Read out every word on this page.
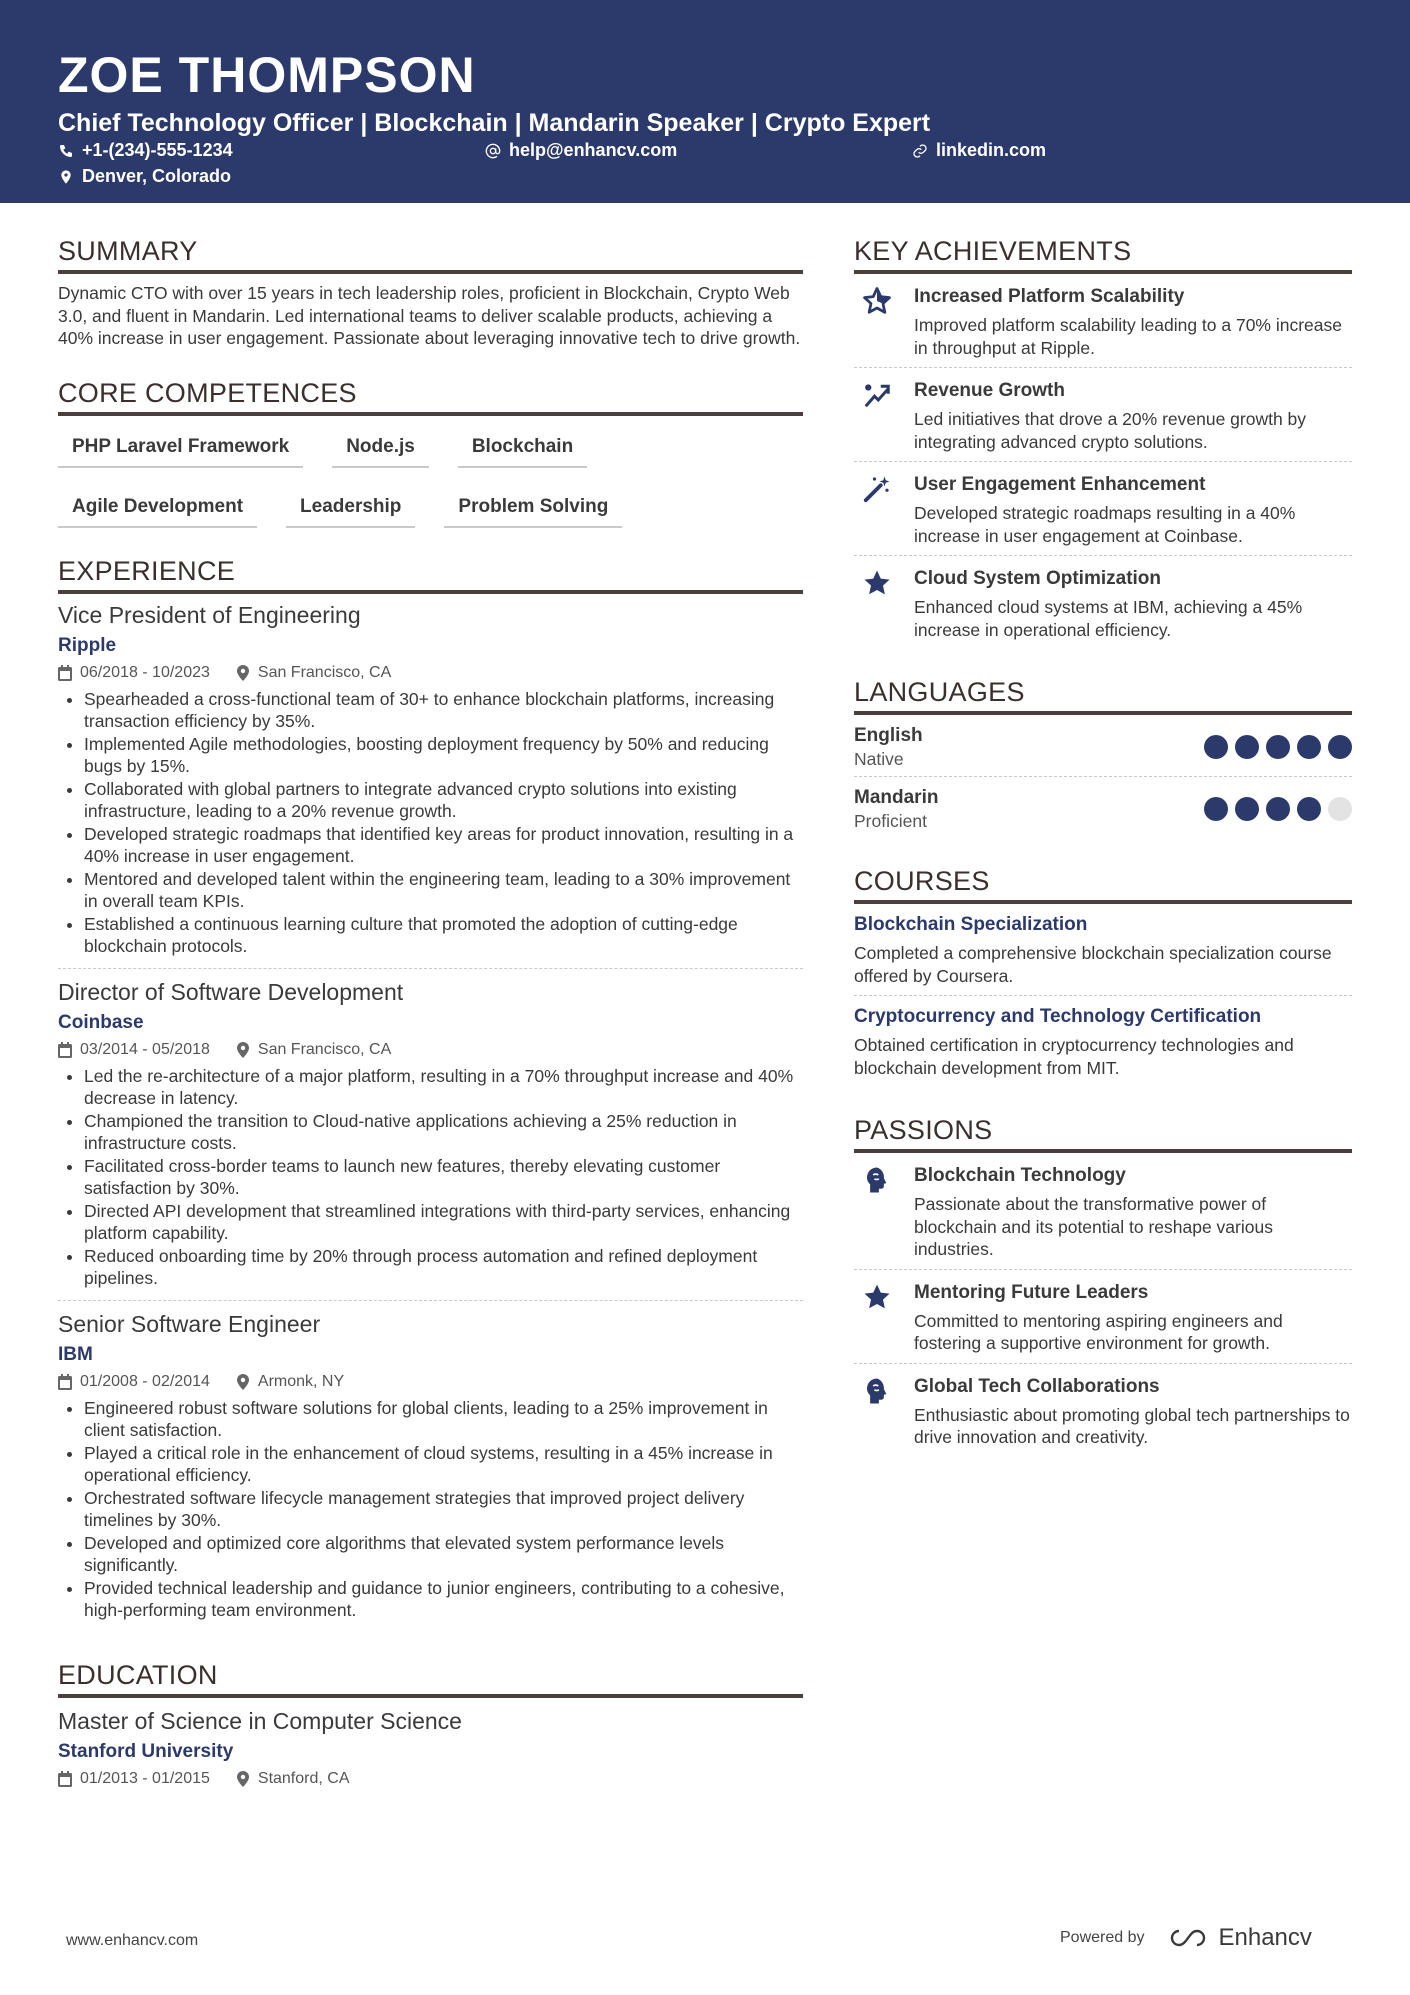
ZOE THOMPSON
Chief Technology Officer | Blockchain | Mandarin Speaker | Crypto Expert
+1-(234)-555-1234	help@enhancv.com	linkedin.com
Denver, Colorado
SUMMARY
Dynamic CTO with over 15 years in tech leadership roles, proficient in Blockchain, Crypto Web 3.0, and fluent in Mandarin. Led international teams to deliver scalable products, achieving a 40% increase in user engagement. Passionate about leveraging innovative tech to drive growth.
CORE COMPETENCES
PHP Laravel Framework	Node.js	Blockchain
Agile Development	Leadership	Problem Solving
EXPERIENCE
Vice President of Engineering
Ripple
06/2018 - 10/2023	San Francisco, CA
• Spearheaded a cross-functional team of 30+ to enhance blockchain platforms, increasing transaction efficiency by 35%.
• Implemented Agile methodologies, boosting deployment frequency by 50% and reducing bugs by 15%.
• Collaborated with global partners to integrate advanced crypto solutions into existing infrastructure, leading to a 20% revenue growth.
• Developed strategic roadmaps that identified key areas for product innovation, resulting in a 40% increase in user engagement.
• Mentored and developed talent within the engineering team, leading to a 30% improvement in overall team KPIs.
• Established a continuous learning culture that promoted the adoption of cutting-edge blockchain protocols.
Director of Software Development
Coinbase
03/2014 - 05/2018	San Francisco, CA
• Led the re-architecture of a major platform, resulting in a 70% throughput increase and 40% decrease in latency.
• Championed the transition to Cloud-native applications achieving a 25% reduction in infrastructure costs.
• Facilitated cross-border teams to launch new features, thereby elevating customer satisfaction by 30%.
• Directed API development that streamlined integrations with third-party services, enhancing platform capability.
• Reduced onboarding time by 20% through process automation and refined deployment pipelines.
Senior Software Engineer
IBM
01/2008 - 02/2014	Armonk, NY
• Engineered robust software solutions for global clients, leading to a 25% improvement in client satisfaction.
• Played a critical role in the enhancement of cloud systems, resulting in a 45% increase in operational efficiency.
• Orchestrated software lifecycle management strategies that improved project delivery timelines by 30%.
• Developed and optimized core algorithms that elevated system performance levels significantly.
• Provided technical leadership and guidance to junior engineers, contributing to a cohesive, high-performing team environment.
EDUCATION
Master of Science in Computer Science
Stanford University
01/2013 - 01/2015	Stanford, CA
KEY ACHIEVEMENTS
Increased Platform Scalability
Improved platform scalability leading to a 70% increase in throughput at Ripple.
Revenue Growth
Led initiatives that drove a 20% revenue growth by integrating advanced crypto solutions.
User Engagement Enhancement
Developed strategic roadmaps resulting in a 40% increase in user engagement at Coinbase.
Cloud System Optimization
Enhanced cloud systems at IBM, achieving a 45% increase in operational efficiency.
LANGUAGES
English
Native
Mandarin
Proficient
COURSES
Blockchain Specialization
Completed a comprehensive blockchain specialization course offered by Coursera.
Cryptocurrency and Technology Certification
Obtained certification in cryptocurrency technologies and blockchain development from MIT.
PASSIONS
Blockchain Technology
Passionate about the transformative power of blockchain and its potential to reshape various industries.
Mentoring Future Leaders
Committed to mentoring aspiring engineers and fostering a supportive environment for growth.
Global Tech Collaborations
Enthusiastic about promoting global tech partnerships to drive innovation and creativity.
www.enhancv.com	Powered by	Enhancv
